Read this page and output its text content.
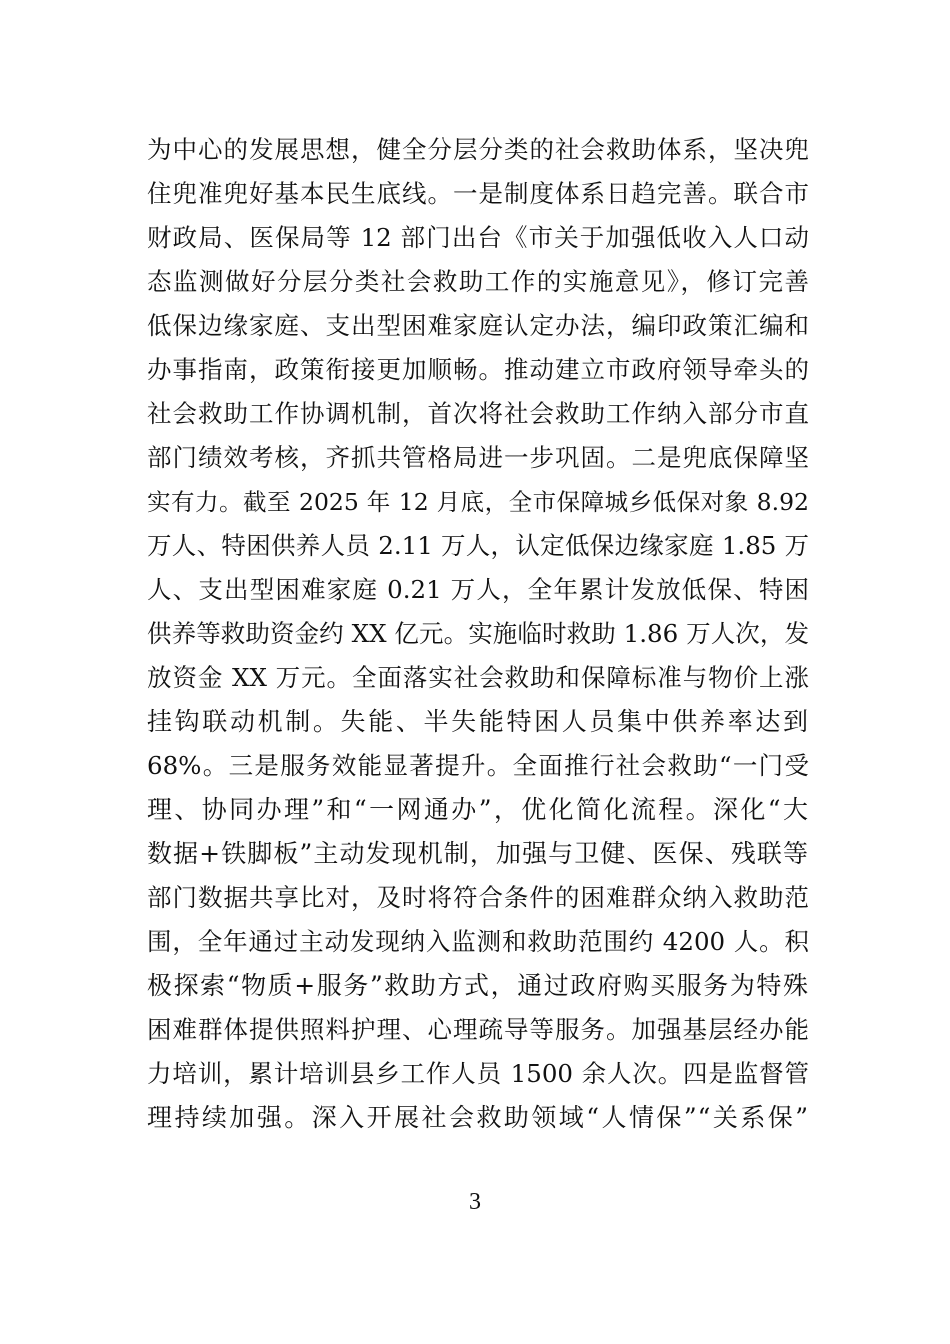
为中心的发展思想，健全分层分类的社会救助体系，坚决兜
住兜准兜好基本民生底线。一是制度体系日趋完善。联合市
财政局、医保局等 12 部门出台《市关于加强低收入人口动
态监测做好分层分类社会救助工作的实施意见》，修订完善
低保边缘家庭、支出型困难家庭认定办法，编印政策汇编和
办事指南，政策衔接更加顺畅。推动建立市政府领导牵头的
社会救助工作协调机制，首次将社会救助工作纳入部分市直
部门绩效考核，齐抓共管格局进一步巩固。二是兜底保障坚
实有力。截至 2025 年 12 月底，全市保障城乡低保对象 8.92
万人、特困供养人员 2.11 万人，认定低保边缘家庭 1.85 万
人、支出型困难家庭 0.21 万人，全年累计发放低保、特困
供养等救助资金约 XX 亿元。实施临时救助 1.86 万人次，发
放资金 XX 万元。全面落实社会救助和保障标准与物价上涨
挂钩联动机制。失能、半失能特困人员集中供养率达到
68%。三是服务效能显著提升。全面推行社会救助“一门受
理、协同办理”和“一网通办”，优化简化流程。深化“大
数据+铁脚板”主动发现机制，加强与卫健、医保、残联等
部门数据共享比对，及时将符合条件的困难群众纳入救助范
围，全年通过主动发现纳入监测和救助范围约 4200 人。积
极探索“物质+服务”救助方式，通过政府购买服务为特殊
困难群体提供照料护理、心理疏导等服务。加强基层经办能
力培训，累计培训县乡工作人员 1500 余人次。四是监督管
理持续加强。深入开展社会救助领域“人情保”“关系保”
3
